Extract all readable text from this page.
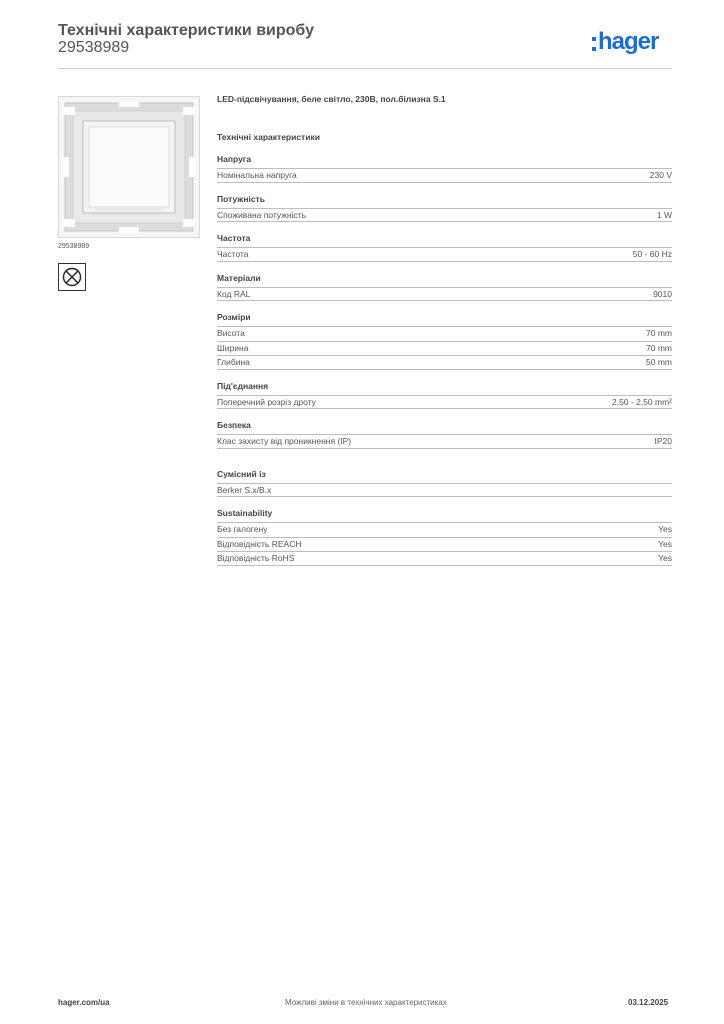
Технічні характеристики виробу
29538989	hager
29538989
LED-підсвічування, беле світло, 230В, пол.білизна S.1
Технічні характеристики
Напруга
Номінальна напруга	230 V
Потужність
Споживана потужність	1 W
Частота
Частота	50 - 60 Hz
Матеріали
Код RAL	9010
Розміри
Висота	70 mm
Ширина	70 mm
Глибина	50 mm
Під'єднання
Поперечний розріз дроту	2,50 - 2,50 mm²
Безпека
Клас захисту від проникнення (IP)	IP20
Сумісний із
Berker S.x/B.x
Sustainability
Без галогену	Yes
Відповідність REACH	Yes
Відповідність RoHS	Yes
hager.com/ua	Можливі зміни в технічних характеристиках	03.12.2025
